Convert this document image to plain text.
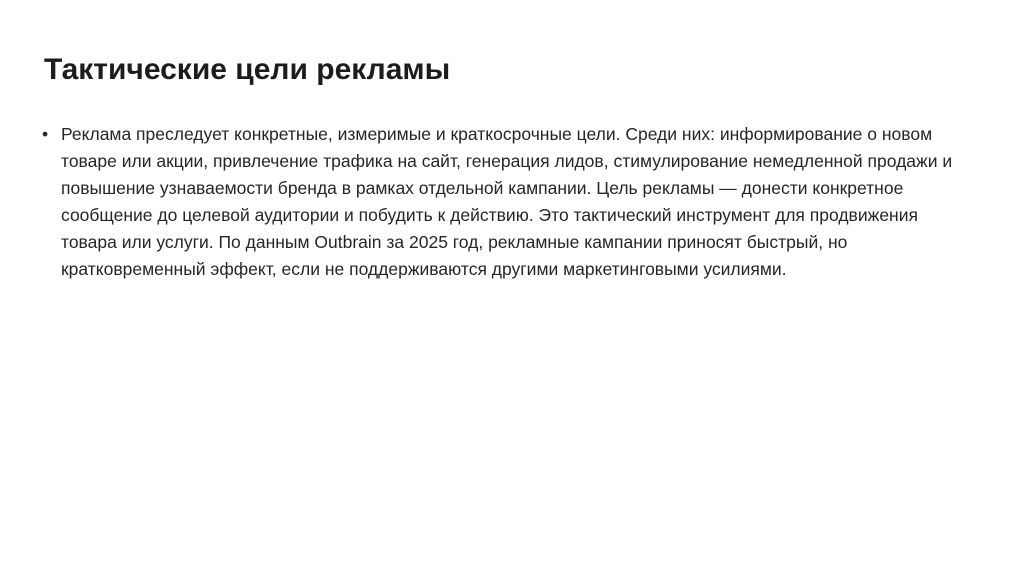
Тактические цели рекламы
• Реклама преследует конкретные, измеримые и краткосрочные цели. Среди них: информирование о новом товаре или акции, привлечение трафика на сайт, генерация лидов, стимулирование немедленной продажи и повышение узнаваемости бренда в рамках отдельной кампании. Цель рекламы — донести конкретное сообщение до целевой аудитории и побудить к действию. Это тактический инструмент для продвижения товара или услуги. По данным Outbrain за 2025 год, рекламные кампании приносят быстрый, но кратковременный эффект, если не поддерживаются другими маркетинговыми усилиями.
